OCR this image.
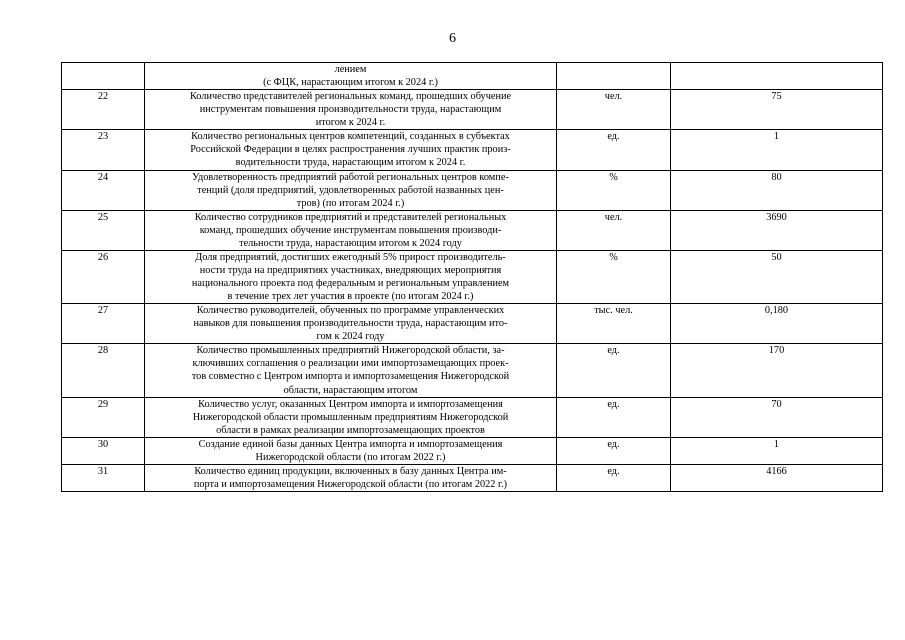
6

	лением
(с ФЦК, нарастающим итогом к 2024 г.)		

22	Количество представителей региональных команд, прошедших обучение
инструментам повышения производительности труда, нарастающим
итогом к 2024 г.	чел.	75
23	Количество региональных центров компетенций, созданных в субъектах
Российской Федерации в целях распространения лучших практик произ-
водительности труда, нарастающим итогом к 2024 г.	ед.	1
24	Удовлетворенность предприятий работой региональных центров компе-
тенций (доля предприятий, удовлетворенных работой названных цен-
тров) (по итогам 2024 г.)	%	80
25	Количество сотрудников предприятий и представителей региональных
команд, прошедших обучение инструментам повышения производи-
тельности труда, нарастающим итогом к 2024 году	чел.	3690
26	Доля предприятий, достигших ежегодный 5% прирост производитель-
ности труда на предприятиях участниках, внедряющих мероприятия
национального проекта под федеральным и региональным управлением
в течение трех лет участия в проекте (по итогам 2024 г.)	%	50
27	Количество руководителей, обученных по программе управленческих
навыков для повышения производительности труда, нарастающим ито-
гом к 2024 году	тыс. чел.	0,180
28	Количество промышленных предприятий Нижегородской области, за-
ключивших соглашения о реализации ими импортозамещающих проек-
тов совместно с Центром импорта и импортозамещения Нижегородской
области, нарастающим итогом	ед.	170
29	Количество услуг, оказанных Центром импорта и импортозамещения
Нижегородской области промышленным предприятиям Нижегородской
области в рамках реализации импортозамещающих проектов	ед.	70
30	Создание единой базы данных Центра импорта и импортозамещения
Нижегородской области (по итогам 2022 г.)	ед.	1
31	Количество единиц продукции, включенных в базу данных Центра им-
порта и импортозамещения Нижегородской области (по итогам 2022 г.)	ед.	4166
